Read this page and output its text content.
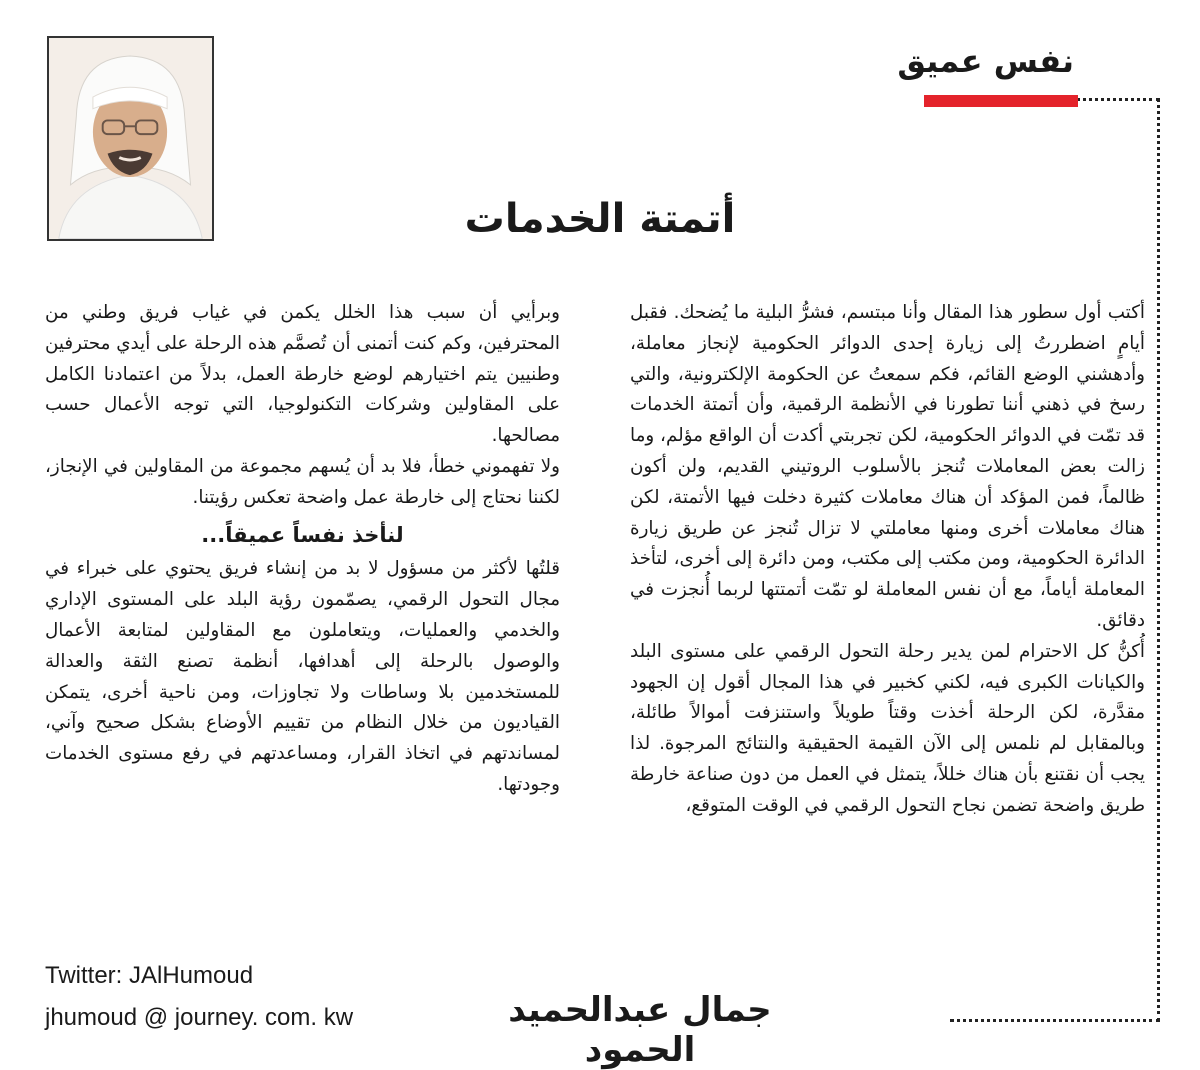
نفس عميق
أتمتة الخدمات

أكتب أول سطور هذا المقال وأنا مبتسم، فشرُّ البلية ما يُضحك. فقبل أيامٍ اضطررتُ إلى زيارة إحدى الدوائر الحكومية لإنجاز معاملة، وأدهشني الوضع القائم، فكم سمعتُ عن الحكومة الإلكترونية، والتي رسخ في ذهني أننا تطورنا في الأنظمة الرقمية، وأن أتمتة الخدمات قد تمّت في الدوائر الحكومية، لكن تجربتي أكدت أن الواقع مؤلم، وما زالت بعض المعاملات تُنجز بالأسلوب الروتيني القديم، ولن أكون ظالماً، فمن المؤكد أن هناك معاملات كثيرة دخلت فيها الأتمتة، لكن هناك معاملات أخرى ومنها معاملتي لا تزال تُنجز عن طريق زيارة الدائرة الحكومية، ومن مكتب إلى مكتب، ومن دائرة إلى أخرى، لتأخذ المعاملة أياماً، مع أن نفس المعاملة لو تمّت أتمتتها لربما أُنجزت في دقائق.

أُكنُّ كل الاحترام لمن يدير رحلة التحول الرقمي على مستوى البلد والكيانات الكبرى فيه، لكني كخبير في هذا المجال أقول إن الجهود مقدَّرة، لكن الرحلة أخذت وقتاً طويلاً واستنزفت أموالاً طائلة، وبالمقابل لم نلمس إلى الآن القيمة الحقيقية والنتائج المرجوة. لذا يجب أن نقتنع بأن هناك خللاً، يتمثل في العمل من دون صناعة خارطة طريق واضحة تضمن نجاح التحول الرقمي في الوقت المتوقع،

وبرأيي أن سبب هذا الخلل يكمن في غياب فريق وطني من المحترفين، وكم كنت أتمنى أن تُصمَّم هذه الرحلة على أيدي محترفين وطنيين يتم اختيارهم لوضع خارطة العمل، بدلاً من اعتمادنا الكامل على المقاولين وشركات التكنولوجيا، التي توجه الأعمال حسب مصالحها.

ولا تفهموني خطأ، فلا بد أن يُسهم مجموعة من المقاولين في الإنجاز، لكننا نحتاج إلى خارطة عمل واضحة تعكس رؤيتنا.

لنأخذ نفساً عميقاً...

قلتُها لأكثر من مسؤول لا بد من إنشاء فريق يحتوي على خبراء في مجال التحول الرقمي، يصمّمون رؤية البلد على المستوى الإداري والخدمي والعمليات، ويتعاملون مع المقاولين لمتابعة الأعمال والوصول بالرحلة إلى أهدافها، أنظمة تصنع الثقة والعدالة للمستخدمين بلا وساطات ولا تجاوزات، ومن ناحية أخرى، يتمكن القياديون من خلال النظام من تقييم الأوضاع بشكل صحيح وآني، لمساندتهم في اتخاذ القرار، ومساعدتهم في رفع مستوى الخدمات وجودتها.

Twitter: JAlHumoud
jhumoud @ journey. com. kw	جمال عبدالحميد الحمود
